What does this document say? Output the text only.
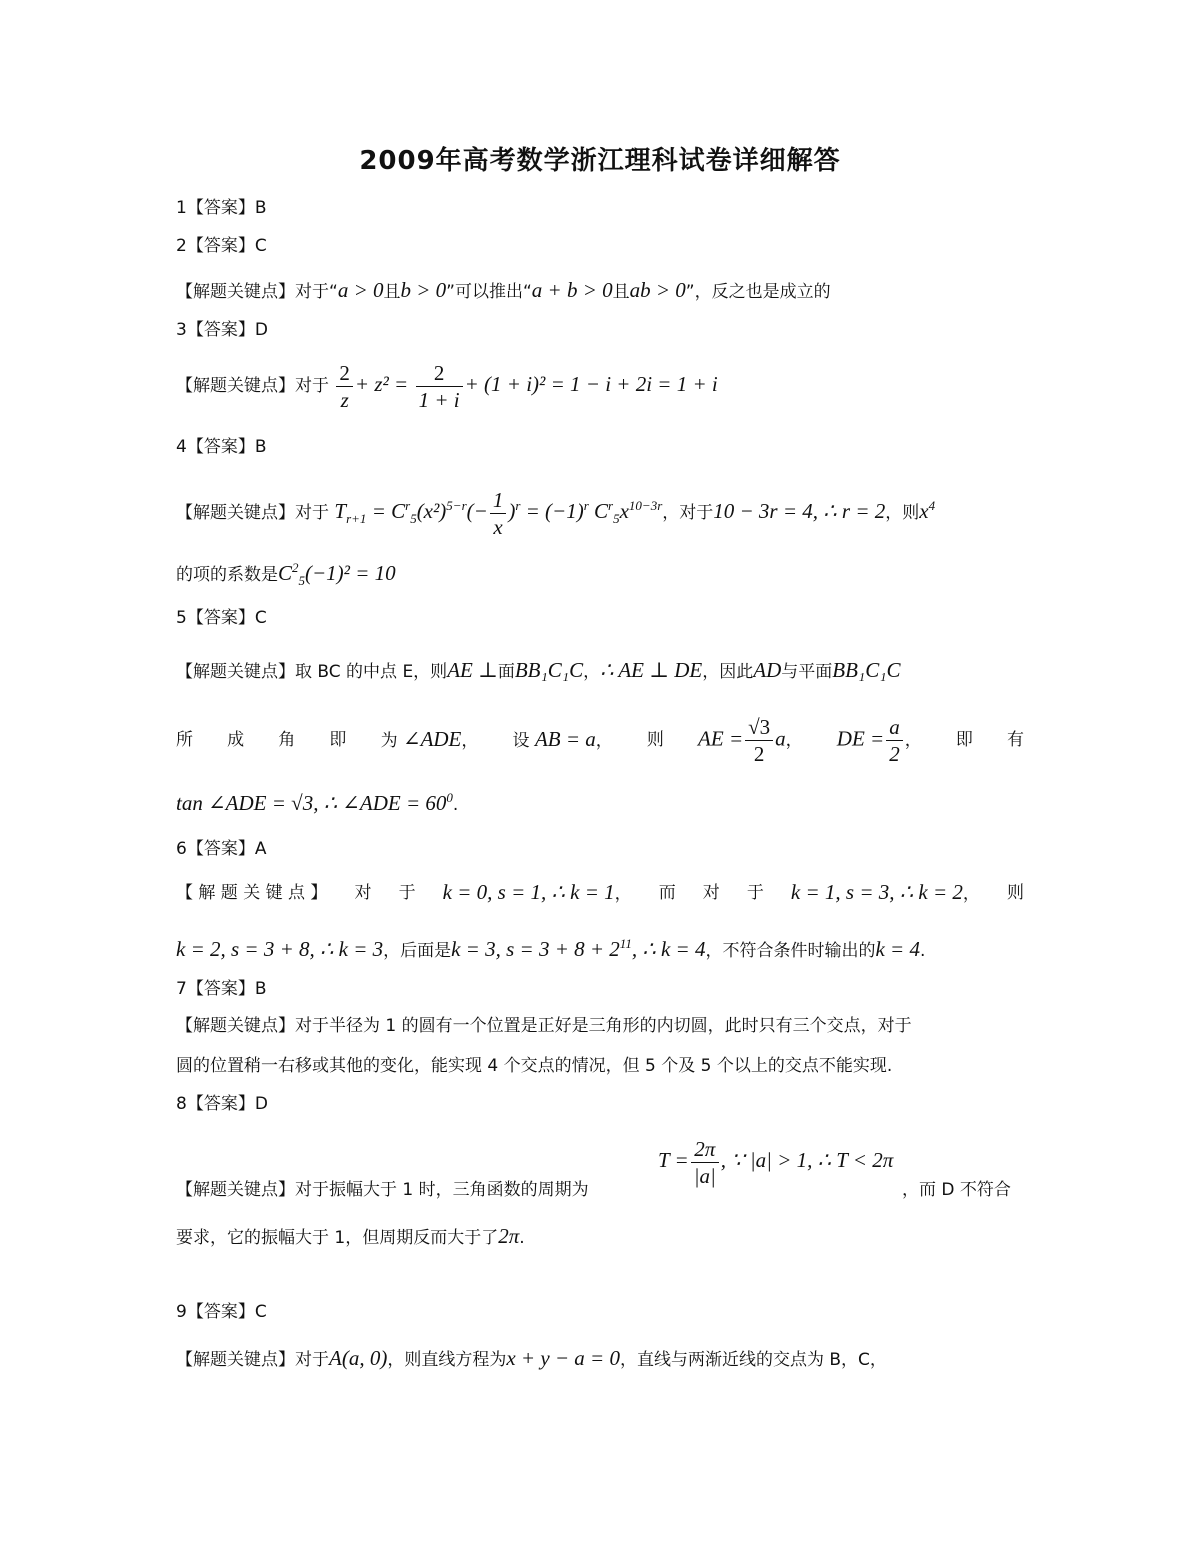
2009年高考数学浙江理科试卷详细解答
1【答案】B
2【答案】C
【解题关键点】对于“a > 0且b > 0”可以推出“a + b > 0且ab > 0”，反之也是成立的
3【答案】D
【解题关键点】对于 $\frac{2}{z} + z^2 = \frac{2}{1 + i} + (1 + i)^2 = 1 - i + 2i = 1 + i$
4【答案】B
【解题关键点】对于 $T_{r+1} = C^r_5(x^2)^{5-r}(- \frac{1}{x} )^r = (-1)^r$ $C^r_5x^{10-3r}$，对于10 − 3r = 4, ∴ r = 2，则$x^4$
的项的系数是$C^2_5(-1)^2 = 10$
5【答案】C
【解题关键点】取 BC 的中点 E，则AE ⊥面BB₁C₁C，∴ AE ⊥ DE，因此AD与平面BB₁C₁C
所 成 角 即 为 ∠ADE， 设 AB = a， 则 AE = $\frac{√3}{2}$ a， DE = $\frac{a}{2}$ ， 即 有
tan ∠ADE = √3, ∴ ∠ADE = $60^0$.
6【答案】A
【 解 题 关 键 点 】 对 于 k = 0, s = 1, ∴ k = 1， 而 对 于 k = 1, s = 3, ∴ k = 2， 则
k = 2, s = 3 + 8, ∴ k = 3，后面是k = 3, $s = 3 + 8 + 2^{11}$, ∴ k = 4，不符合条件时输出的k = 4.
7【答案】B
【解题关键点】对于半径为 1 的圆有一个位置是正好是三角形的内切圆，此时只有三个交点，对于
圆的位置稍一右移或其他的变化，能实现 4 个交点的情况，但 5 个及 5 个以上的交点不能实现.
8【答案】D
【解题关键点】对于振幅大于 1 时，三角函数的周期为
$T = \frac{2\pi}{|a|}$ , ∵ |a| > 1, ∴ T < 2π
，而 D 不符合
要求，它的振幅大于 1，但周期反而大于了2π.
9【答案】C
【解题关键点】对于A(a, 0)，则直线方程为x + y − a = 0，直线与两渐近线的交点为 B，C，
